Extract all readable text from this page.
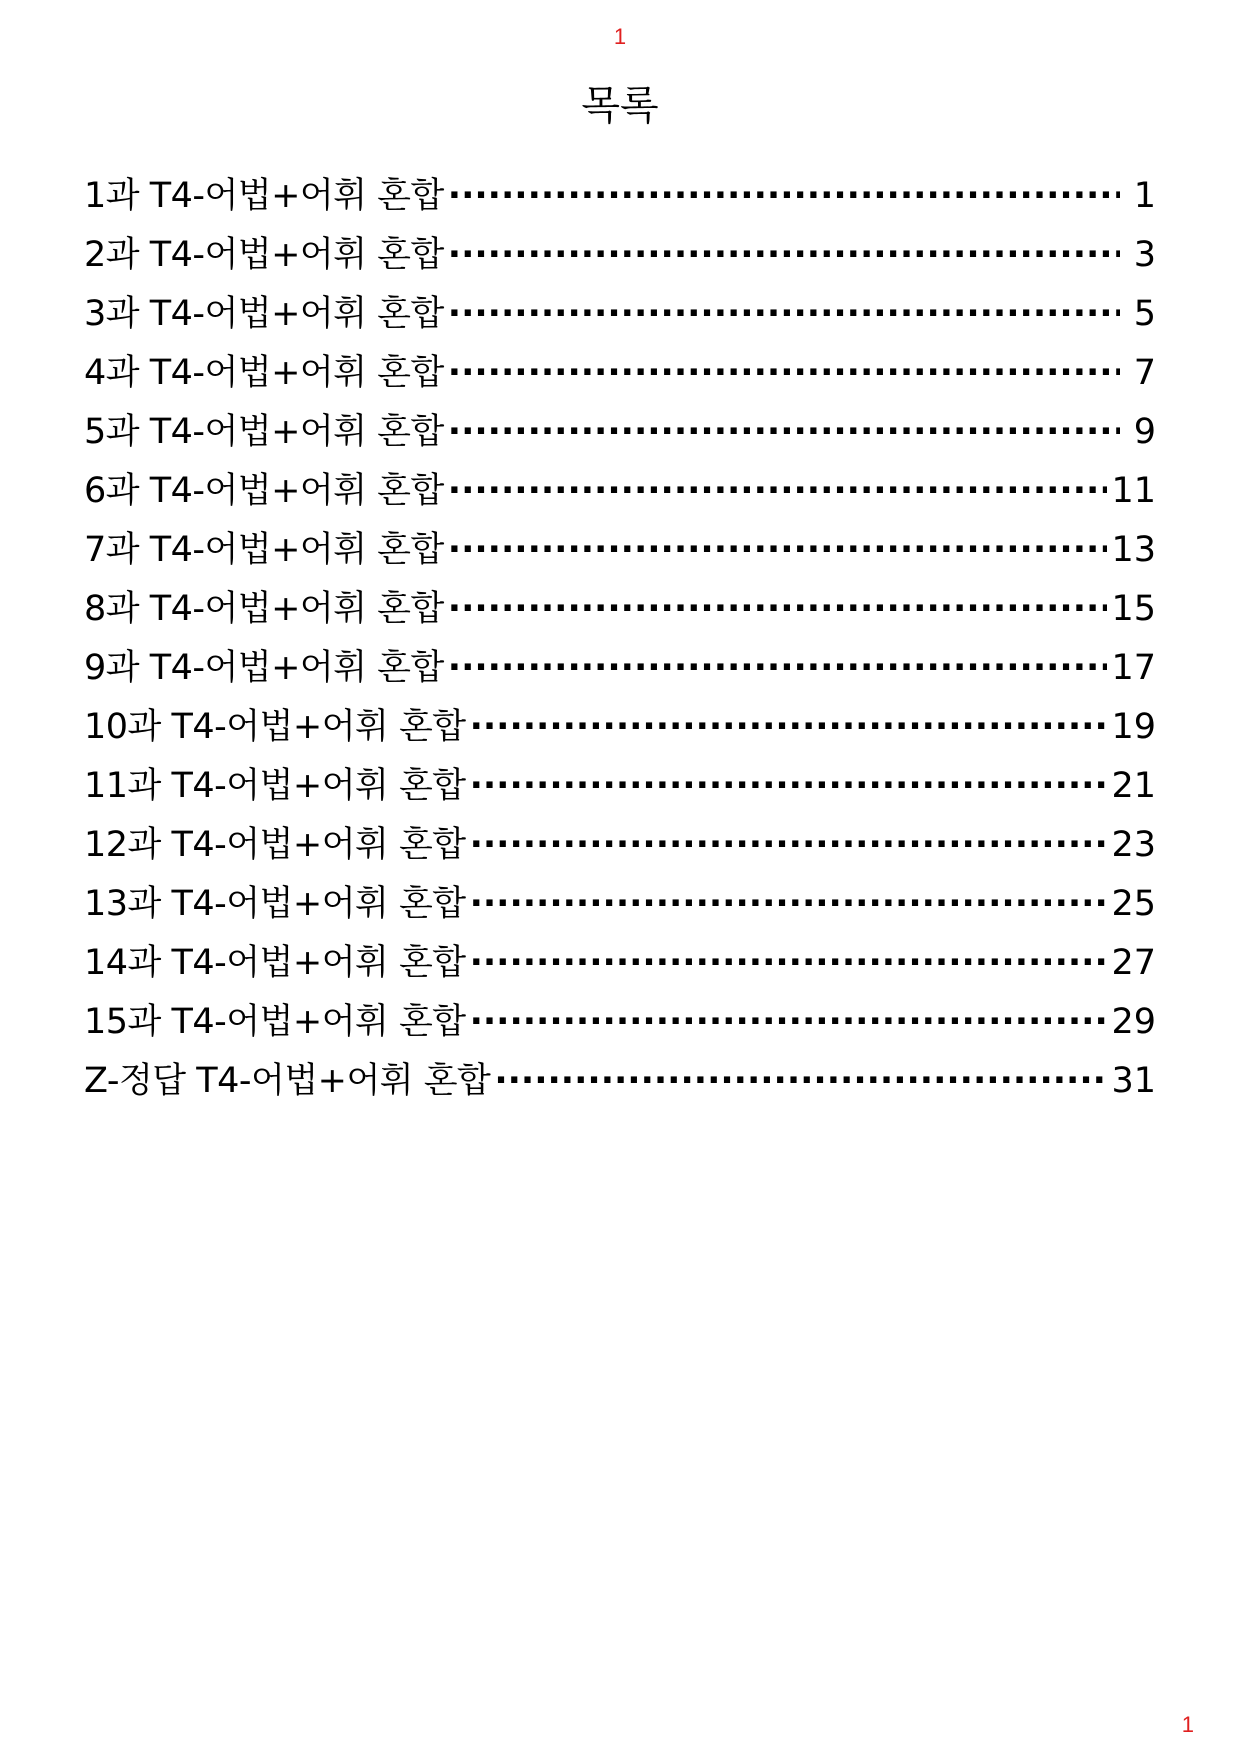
1
목록
1과 T4-어법+어휘 혼합 ·····	1
2과 T4-어법+어휘 혼합 ·····	3
3과 T4-어법+어휘 혼합 ·····	5
4과 T4-어법+어휘 혼합 ·····	7
5과 T4-어법+어휘 혼합 ·····	9
6과 T4-어법+어휘 혼합 ·····	11
7과 T4-어법+어휘 혼합 ·····	13
8과 T4-어법+어휘 혼합 ·····	15
9과 T4-어법+어휘 혼합 ·····	17
10과 T4-어법+어휘 혼합 ·····	19
11과 T4-어법+어휘 혼합 ·····	21
12과 T4-어법+어휘 혼합 ·····	23
13과 T4-어법+어휘 혼합 ·····	25
14과 T4-어법+어휘 혼합 ·····	27
15과 T4-어법+어휘 혼합 ·····	29
Z-정답 T4-어법+어휘 혼합 ·····	31
1
